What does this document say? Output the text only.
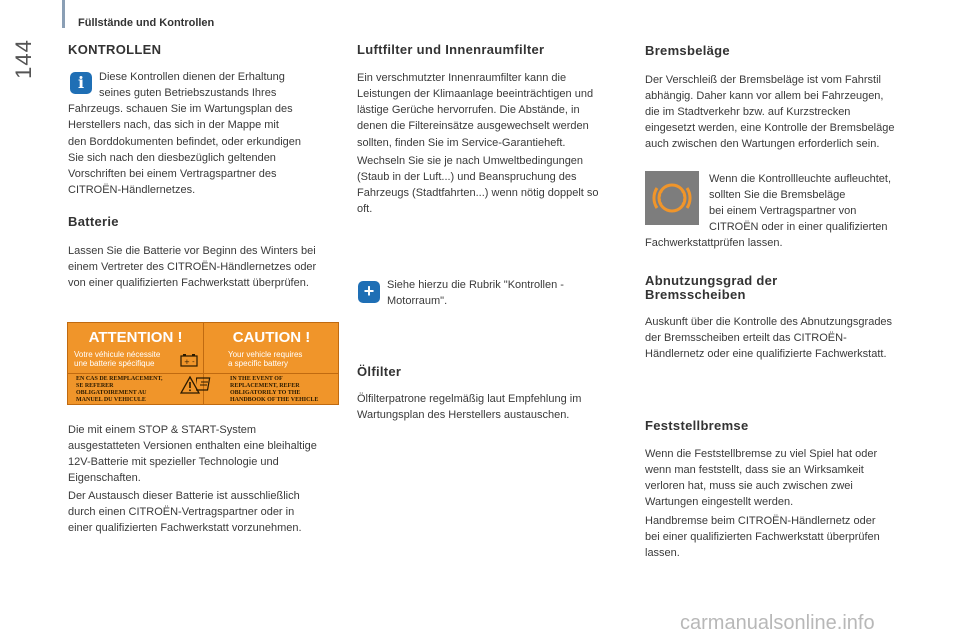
144
Füllstände und Kontrollen
KONTROLLEN
i	Diese Kontrollen dienen der Erhaltung

seines guten Betriebszustands Ihres

Fahrzeugs. schauen Sie im Wartungsplan des

Herstellers nach, das sich in der Mappe mit

den Borddokumenten befindet, oder erkundigen

Sie sich nach den diesbezüglich geltenden

Vorschriften bei einem Vertragspartner des

CITROËN-Händlernetzes.

Batterie

Lassen Sie die Batterie vor Beginn des Winters bei

einem Vertreter des CITROËN-Händlernetzes oder

von einer qualifizierten Fachwerkstatt überprüfen.

ATTENTION !
Votre véhicule nécessite
une batterie spécifique	+ -
EN CAS DE REMPLACEMENT,
SE REFERER
OBLIGATOIREMENT AU
MANUEL DU VEHICULE
CAUTION !
Your vehicle requires
a specific battery
IN THE EVENT OF
REPLACEMENT, REFER
OBLIGATORILY TO THE
HANDBOOK OF THE VEHICLE

Die mit einem STOP & START-System

ausgestatteten Versionen enthalten eine bleihaltige

12V-Batterie mit spezieller Technologie und

Eigenschaften.

Der Austausch dieser Batterie ist ausschließlich

durch einen CITROËN-Vertragspartner oder in

einer qualifizierten Fachwerkstatt vorzunehmen.

Luftfilter und Innenraumfilter

Ein verschmutzter Innenraumfilter kann die

Leistungen der Klimaanlage beeinträchtigen und

lästige Gerüche hervorrufen. Die Abstände, in

denen die Filtereinsätze ausgewechselt werden

sollten, finden Sie im Service-Garantieheft.

Wechseln Sie sie je nach Umweltbedingungen

(Staub in der Luft...) und Beanspruchung des

Fahrzeugs (Stadtfahrten...) wenn nötig doppelt so

oft.

+	Siehe hierzu die Rubrik "Kontrollen -

Motorraum".

Ölfilter

Ölfilterpatrone regelmäßig laut Empfehlung im

Wartungsplan des Herstellers austauschen.

Bremsbeläge

Der Verschleiß der Bremsbeläge ist vom Fahrstil

abhängig. Daher kann vor allem bei Fahrzeugen,

die im Stadtverkehr bzw. auf Kurzstrecken

eingesetzt werden, eine Kontrolle der Bremsbeläge

auch zwischen den Wartungen erforderlich sein.

Wenn die Kontrollleuchte aufleuchtet,

sollten Sie die Bremsbeläge

bei einem Vertragspartner von

CITROËN oder in einer qualifizierten

Fachwerkstattprüfen lassen.

Abnutzungsgrad der
Bremsscheiben

Auskunft über die Kontrolle des Abnutzungsgrades

der Bremsscheiben erteilt das CITROËN-

Händlernetz oder eine qualifizierte Fachwerkstatt.

Feststellbremse

Wenn die Feststellbremse zu viel Spiel hat oder

wenn man feststellt, dass sie an Wirksamkeit

verloren hat, muss sie auch zwischen zwei

Wartungen eingestellt werden.

Handbremse beim CITROËN-Händlernetz oder

bei einer qualifizierten Fachwerkstatt überprüfen

lassen.

carmanualsonline.info
